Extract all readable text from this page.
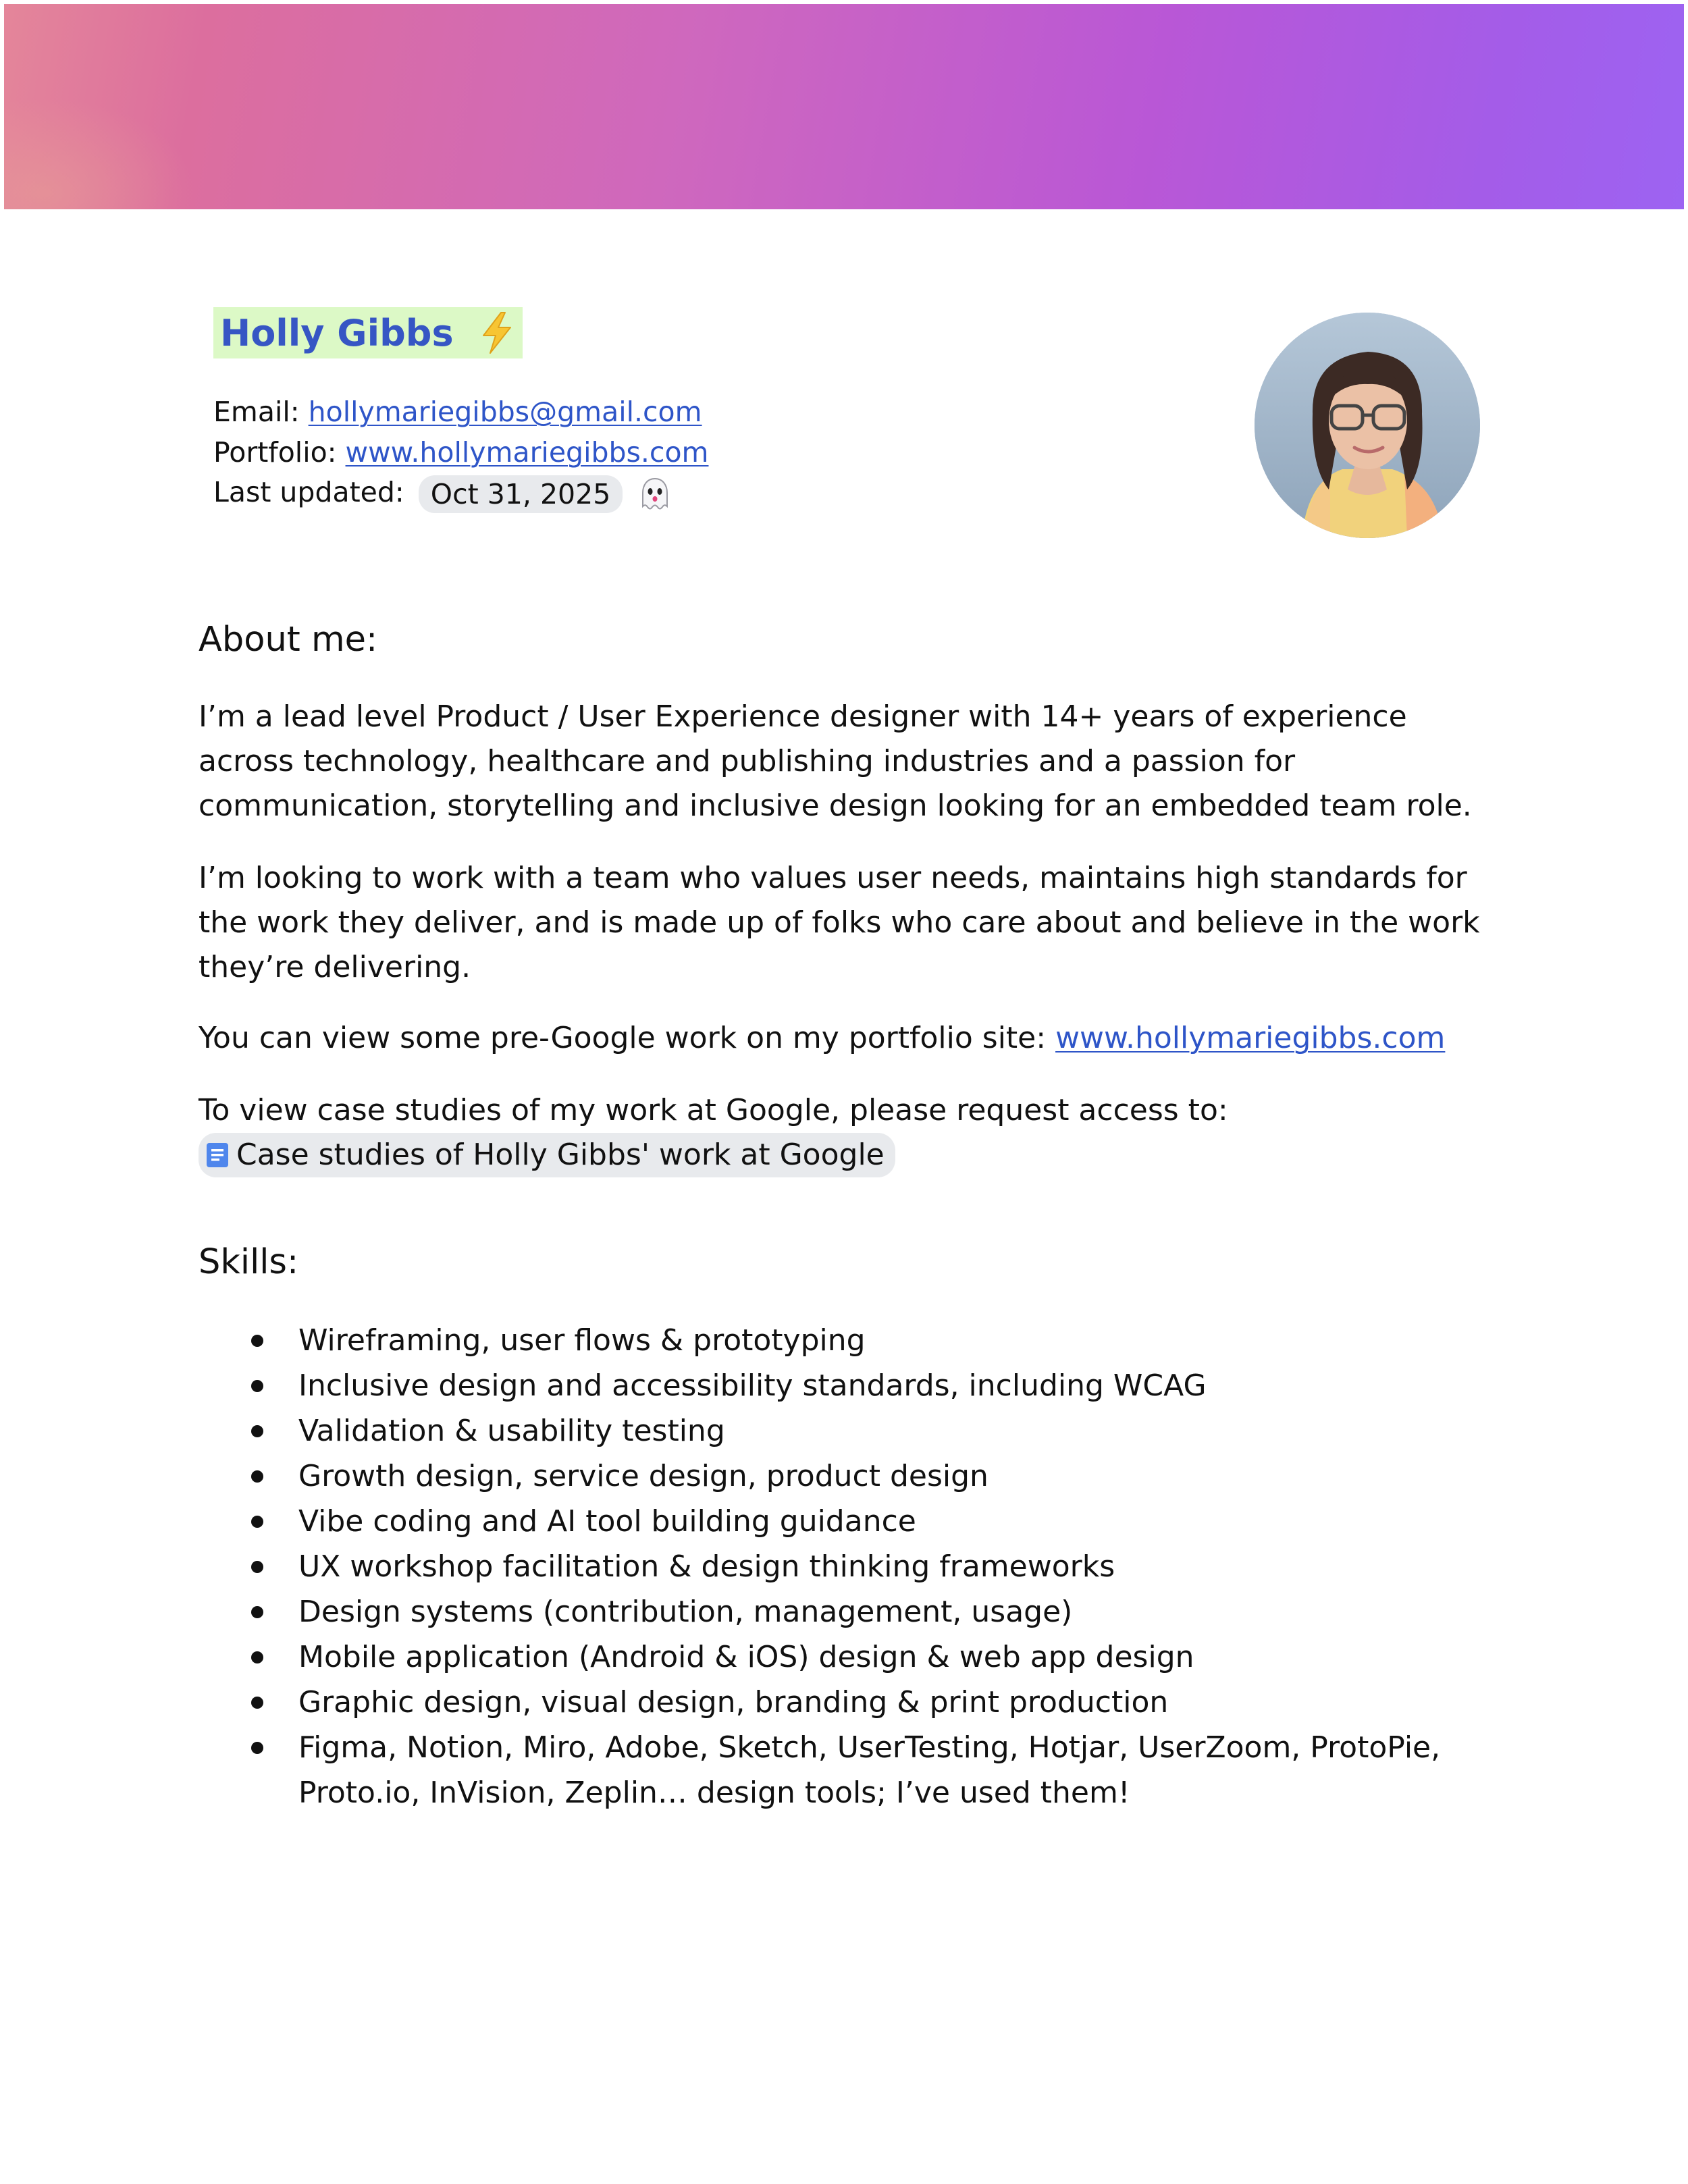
Holly Gibbs
Email: hollymariegibbs@gmail.com
Portfolio: www.hollymariegibbs.com
Last updated: Oct 31, 2025
About me:

I’m a lead level Product / User Experience designer with 14+ years of experience across technology, healthcare and publishing industries and a passion for communication, storytelling and inclusive design looking for an embedded team role.

I’m looking to work with a team who values user needs, maintains high standards for the work they deliver, and is made up of folks who care about and believe in the work they’re delivering.

You can view some pre-Google work on my portfolio site: www.hollymariegibbs.com

To view case studies of my work at Google, please request access to:

Case studies of Holly Gibbs' work at Google
Skills:
Wireframing, user flows & prototyping
Inclusive design and accessibility standards, including WCAG
Validation & usability testing
Growth design, service design, product design
Vibe coding and AI tool building guidance
UX workshop facilitation & design thinking frameworks
Design systems (contribution, management, usage)
Mobile application (Android & iOS) design & web app design
Graphic design, visual design, branding & print production
Figma, Notion, Miro, Adobe, Sketch, UserTesting, Hotjar, UserZoom, ProtoPie, Proto.io, InVision, Zeplin… design tools; I’ve used them!
